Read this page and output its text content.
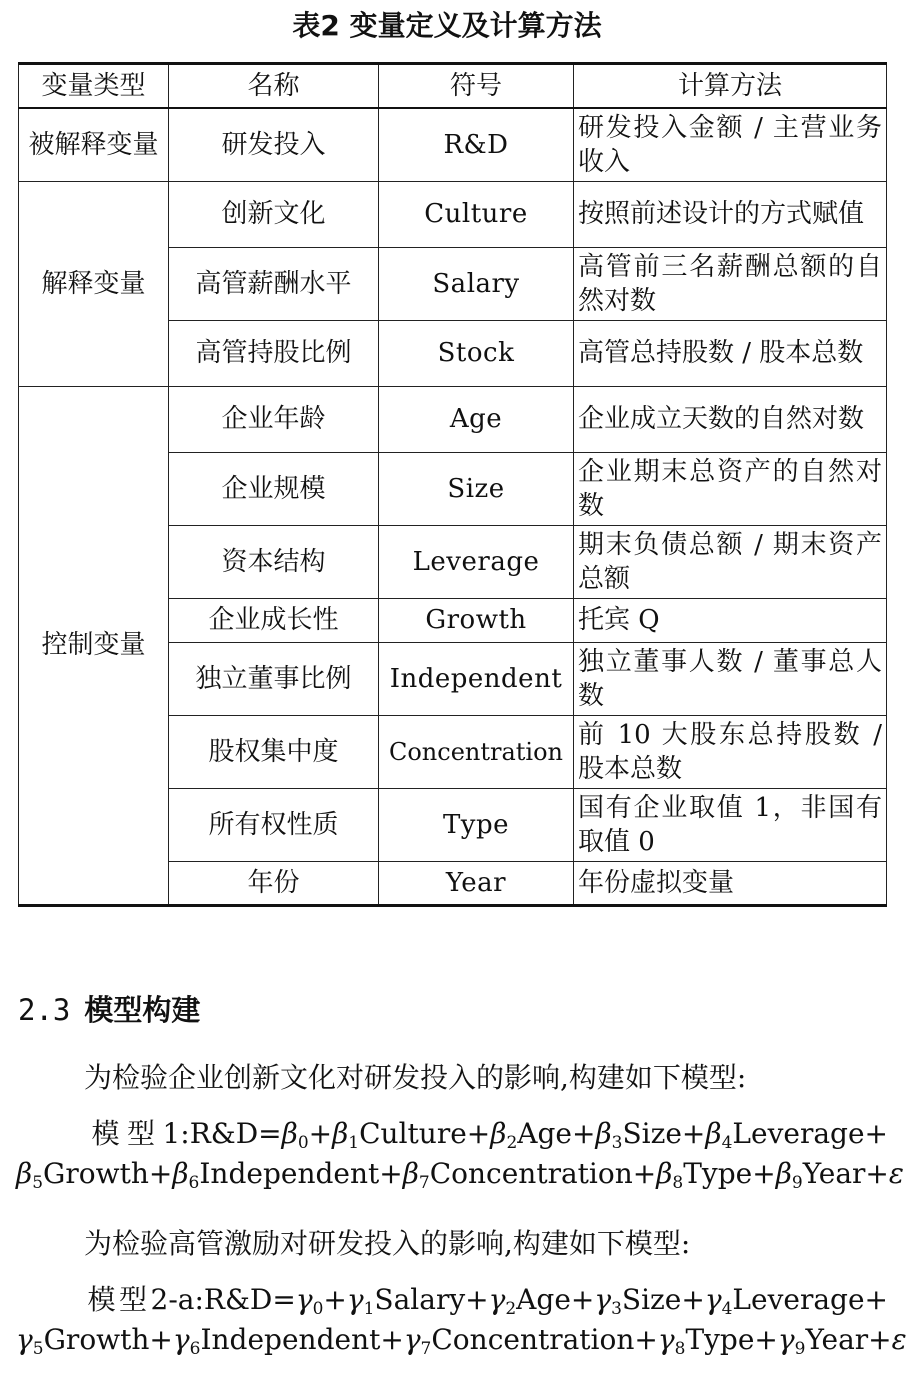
表2 变量定义及计算方法
变量类型	名称	符号	计算方法
被解释变量	研发投入	R&D	研发投入金额 / 主营业务收入
解释变量	创新文化	Culture	按照前述设计的方式赋值
	高管薪酬水平	Salary	高管前三名薪酬总额的自然对数
	高管持股比例	Stock	高管总持股数 / 股本总数
控制变量	企业年龄	Age	企业成立天数的自然对数
	企业规模	Size	企业期末总资产的自然对数
	资本结构	Leverage	期末负债总额 / 期末资产总额
	企业成长性	Growth	托宾 Q
	独立董事比例	Independent	独立董事人数 / 董事总人数
	股权集中度	Concentration	前 10 大股东总持股数 / 股本总数
	所有权性质	Type	国有企业取值 1，非国有取值 0
	年份	Year	年份虚拟变量
2.3 模型构建
为检验企业创新文化对研发投入的影响,构建如下模型:
模型$1:R\&D=\beta_0+\beta_1Culture+\beta_2Age+\beta_3Size+\beta_4Leverage+$ $\beta_5Growth+\beta_6Independent+\beta_7Concentration+\beta_8Type+\beta_9Year+\varepsilon$
为检验高管激励对研发投入的影响,构建如下模型:
模型$2-a:R\&D=\gamma_0+\gamma_1Salary+\gamma_2Age+\gamma_3Size+\gamma_4Leverage+$ $\gamma_5Growth+\gamma_6Independent+\gamma_7Concentration+\gamma_8Type+\gamma_9Year+\varepsilon$
